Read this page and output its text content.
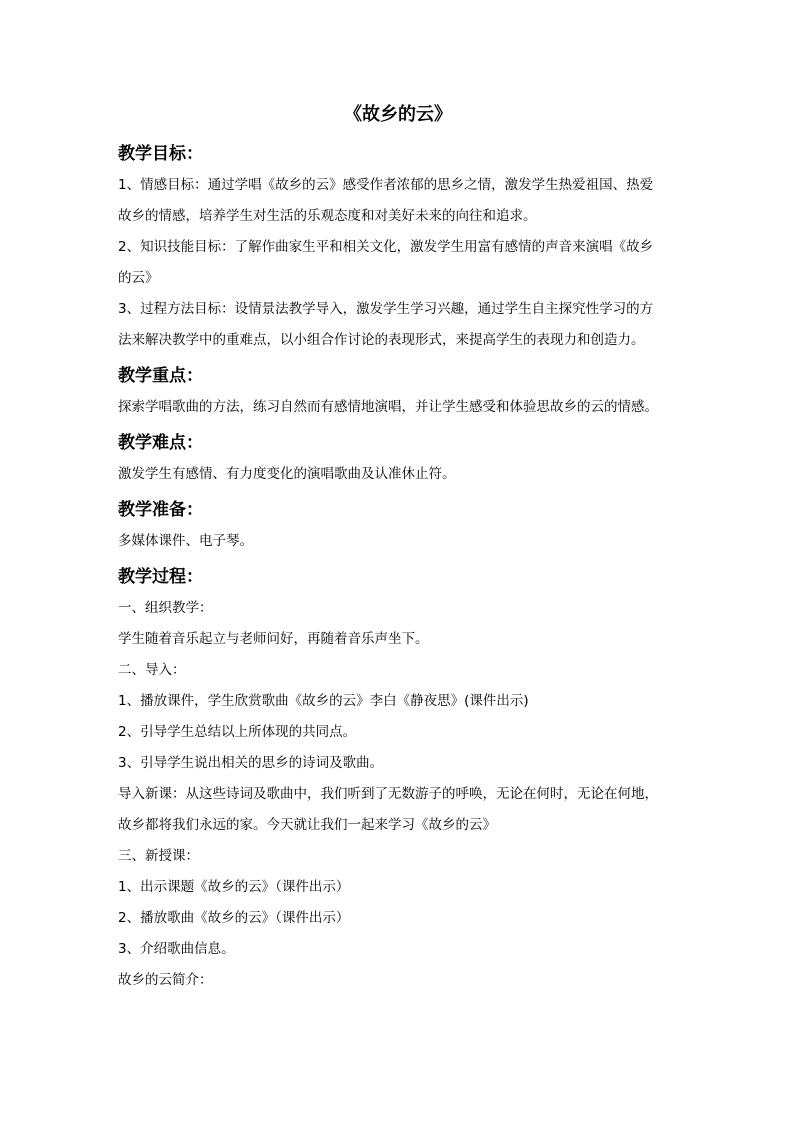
《故乡的云》
教学目标：
1、情感目标：通过学唱《故乡的云》感受作者浓郁的思乡之情，激发学生热爱祖国、热爱
故乡的情感，培养学生对生活的乐观态度和对美好未来的向往和追求。
2、知识技能目标：了解作曲家生平和相关文化，激发学生用富有感情的声音来演唱《故乡
的云》
3、过程方法目标：设情景法教学导入，激发学生学习兴趣，通过学生自主探究性学习的方
法来解决教学中的重难点，以小组合作讨论的表现形式，来提高学生的表现力和创造力。
教学重点：
探索学唱歌曲的方法，练习自然而有感情地演唱，并让学生感受和体验思故乡的云的情感。
教学难点：
激发学生有感情、有力度变化的演唱歌曲及认准休止符。
教学准备：
多媒体课件、电子琴。
教学过程：
一、组织教学：
学生随着音乐起立与老师问好，再随着音乐声坐下。
二、导入：
1、播放课件，学生欣赏歌曲《故乡的云》李白《静夜思》(课件出示)
2、引导学生总结以上所体现的共同点。
3、引导学生说出相关的思乡的诗词及歌曲。
导入新课：从这些诗词及歌曲中，我们听到了无数游子的呼唤，无论在何时，无论在何地，
故乡都将我们永远的家。今天就让我们一起来学习《故乡的云》
三、新授课：
1、出示课题《故乡的云》（课件出示）
2、播放歌曲《故乡的云》（课件出示）
3、介绍歌曲信息。
故乡的云简介：
